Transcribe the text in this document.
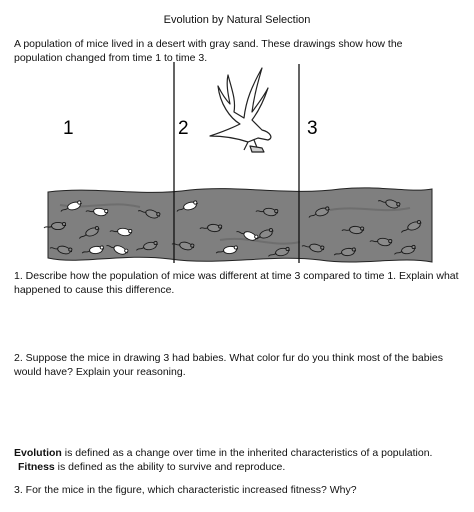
Evolution by Natural Selection
A population of mice lived in a desert with gray sand. These drawings show how the population changed from time 1 to time 3.
1	2	3
1. Describe how the population of mice was different at time 3 compared to time 1. Explain what happened to cause this difference.
2. Suppose the mice in drawing 3 had babies. What color fur do you think most of the babies would have? Explain your reasoning.
Evolution is defined as a change over time in the inherited characteristics of a population.
Fitness is defined as the ability to survive and reproduce.
3. For the mice in the figure, which characteristic increased fitness? Why?
